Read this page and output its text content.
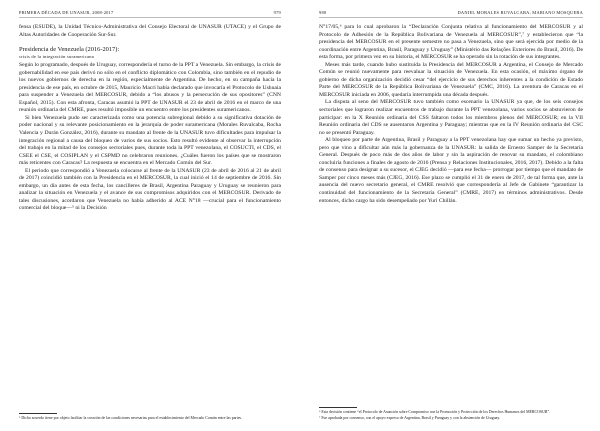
PRIMERA DÉCADA DE UNASUR, 2008-2017	979

fensa (ESUDE), la Unidad Técnico-Administrativa del Consejo Electoral de UNASUR (UTACE) y el Grupo de Altas Autoridades de Cooperación Sur-Sur.

Presidencia de Venezuela (2016-2017):
crisis de la integración suramericana

Según lo programado, después de Uruguay, correspondería el turno de la PPT a Venezuela. Sin embargo, la crisis de gobernabilidad en ese país derivó no sólo en el conflicto diplomático con Colombia, sino también en el repudio de los nuevos gobiernos de derecha en la región, especialmente de Argentina. De hecho, en su campaña hacia la presidencia de ese país, en octubre de 2015, Mauricio Macri había declarado que invocaría el Protocolo de Ushuaia para suspender a Venezuela del MERCOSUR, debido a “los abusos y la persecución de sus opositores” (CNN Español, 2015). Con esta afronta, Caracas asumió la PPT de UNASUR el 23 de abril de 2016 en el marco de una reunión ordinaria del CMRE, pues resultó imposible un encuentro entre los presidentes suramericanos.

Si bien Venezuela pudo ser caracterizada como una potencia subregional debido a su significativa dotación de poder nacional y su relevante posicionamiento en la jerarquía de poder suramericana (Morales Ruvalcaba, Rocha Valencia y Durán González, 2016), durante su mandato al frente de la UNASUR tuvo dificultades para impulsar la integración regional a causa del bloqueo de varios de sus socios. Esto resultó evidente al observar la interrupción del trabajo en la mitad de los consejos sectoriales pues, durante toda la PPT venezolana, el COSUCTI, el CDS, el CSEE el CSE, el COSIPLAN y el CSPMD no celebraron reuniones. ¿Cuáles fueron los países que se mostraron más reticentes con Caracas? La respuesta se encuentra en el Mercado Común del Sur.

El periodo que correspondió a Venezuela colocarse al frente de la UNASUR (23 de abril de 2016 al 21 de abril de 2017) coincidió también con la Presidencia en el MERCOSUR, la cual inició el 14 de septiembre de 2016. Sin embargo, un día antes de esta fecha, los cancilleres de Brasil, Argentina Paraguay y Uruguay se reunieron para analizar la situación en Venezuela y el avance de sus compromisos adquiridos con el MERCOSUR. Derivado de tales discusiones, acordaron que Venezuela no había adherido al ACE N°18 —crucial para el funcionamiento comercial del bloque—⁵ ni la Decisión

⁵ Dicho acuerdo tiene por objeto facilitar la creación de las condiciones necesarias para el establecimiento del Mercado Común entre las partes.

980	DANIEL MORALES RUVALCABA, MARIANO MOSQUERA

N°17/05,⁶ para lo cual aprobaron la “Declaración Conjunta relativa al funcionamiento del MERCOSUR y al Protocolo de Adhesión de la República Bolivariana de Venezuela al MERCOSUR”,⁷ y establecieron que “la presidencia del MERCOSUR en el presente semestre no pasa a Venezuela, sino que será ejercida por medio de la coordinación entre Argentina, Brasil, Paraguay y Uruguay” (Ministério das Relações Exteriores do Brasil, 2016). De esta forma, por primera vez en su historia, el MERCOSUR se ha operado sin la rotación de sus integrantes.

Meses más tarde, cuando hubo sustituida la Presidencia del MERCOSUR a Argentina, el Consejo de Mercado Común se reunió nuevamente para reevaluar la situación de Venezuela. En esta ocasión, el máximo órgano de gobierno de dicha organización decidió cesar “del ejercicio de sus derechos inherentes a la condición de Estado Parte del MERCOSUR de la República Bolivariana de Venezuela” (CMC, 2016). La aventura de Caracas en el MERCOSUR iniciada en 2006, quedaría interrumpida una década después.

La disputa al seno del MERCOSUR tuvo también como escenario la UNASUR ya que, de los seis consejos sectoriales que lograron realizar encuentros de trabajo durante la PPT venezolana, varios socios se abstuvieron de participar: en la X Reunión ordinaria del CSS faltaron todos los miembros plenos del MERCOSUR; en la VII Reunión ordinaria del CDS se ausentaron Argentina y Paraguay; mientras que en la IV Reunión ordinaria del CSC no se presentó Paraguay.

Al bloqueo por parte de Argentina, Brasil y Paraguay a la PPT venezolana hay que sumar un hecho ya previsto, pero que vino a dificultar aún más la gobernanza de la UNASUR: la salida de Ernesto Samper de la Secretaría General. Después de poco más de dos años de labor y sin la aspiración de renovar su mandato, el colombiano concluiría funciones a finales de agosto de 2016 (Prensa y Relaciones Institucionales, 2016, 2017). Debido a la falta de consenso para designar a su sucesor, el CJEG decidió —para ese fecha— prorrogar por tiempo que el mandato de Samper por cinco meses más (CJEG, 2016). Ese plazo se cumplió el 31 de enero de 2017, de tal forma que, ante la ausencia del nuevo secretario general, el CMRE resolvió que correspondería al Jefe de Gabinete “garantizar la continuidad del funcionamiento de la Secretaría General” (CMRE, 2017) en términos administrativos. Desde entonces, dicho cargo ha sido desempeñado por Yuri Chillán.

⁶ Esta decisión contiene “el Protocolo de Asunción sobre Compromiso con la Promoción y Protección de los Derechos Humanos del MERCOSUR”.

⁷ Fue aprobada por consenso, con el apoyo expreso de Argentina, Brasil y Paraguay y con la abstención de Uruguay.
